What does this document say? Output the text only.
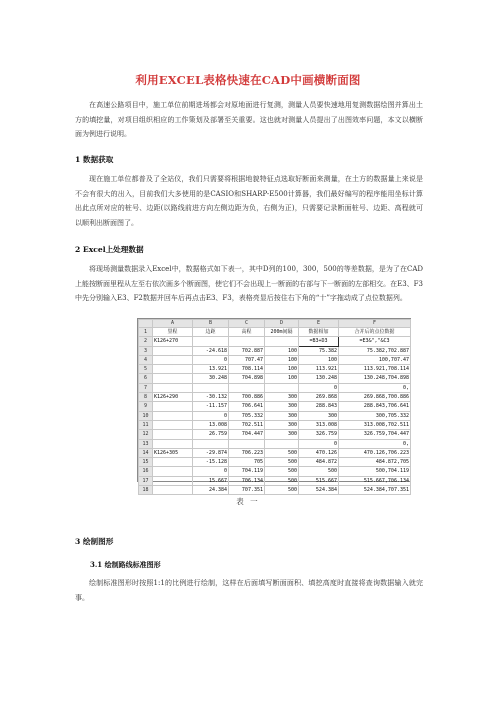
利用EXCEL表格快速在CAD中画横断面图
在高速公路项目中，施工单位前期进场都会对原地面进行复测，测量人员要快速地用复测数据绘图并算出土方的填挖量，对项目组织相应的工作策划及部署至关重要。这也就对测量人员提出了出图效率问题，本文以横断面为例进行说明。
1 数据获取
现在施工单位都普及了全站仪，我们只需要将根据地貌特征点选取好断面来测量，在土方的数据量上来说是不会有很大的出入，目前我们大多使用的是CASIO和SHARP-E500计算器，我们最好编写的程序能用坐标计算出此点所对应的桩号、边距(以路线前进方向左侧边距为负，右侧为正)，只需要记录断面桩号、边距、高程就可以顺利出断面图了。
2 Excel上处理数据
将现场测量数据录入Excel中，数据格式如下表一，其中D列的100，300，500的等差数据，是为了在CAD上能按断面里程从左至右依次画多个断面图，使它们不会出现上一断面的右部与下一断面的左部相交。在E3、F3中先分别输入E3、F2数据并回车后再点击E3、F3，表格亮显后按住右下角的“十”字拖动成了点位数据列。
	A	B	C	D	E	F
1	里程	边距	高程	200m间隔	数据相加	合并后的点位数据
2	K126+270				=B3+D3	=E3&","&C3
3		-24.618	702.887	100	75.382	75.382,702.887
4		0	707.47	100	100	100,707.47
5		13.921	708.114	100	113.921	113.921,708.114
6		30.248	704.898	100	130.248	130.248,704.898
7					0	0,
8	K126+290	-30.132	700.886	300	269.868	269.868,700.886
9		-11.157	706.641	300	288.843	288.843,706.641
10		0	705.332	300	300	300,705.332
11		13.008	702.511	300	313.008	313.008,702.511
12		26.759	704.447	300	326.759	326.759,704.447
13					0	0,
14	K126+305	-29.874	706.223	500	470.126	470.126,706.223
15		-15.128	705	500	484.872	484.872,705
16		0	704.119	500	500	500,704.119
17		15.667	706.134	500	515.667	515.667,706.134
18		24.384	707.351	500	524.384	524.384,707.351
表 一
3 绘制图形
3.1 绘制路线标准图形
绘制标准图形时按照1:1的比例进行绘制，这样在后面填写断面面积、填挖高度时直接将查询数据输入就完事。
